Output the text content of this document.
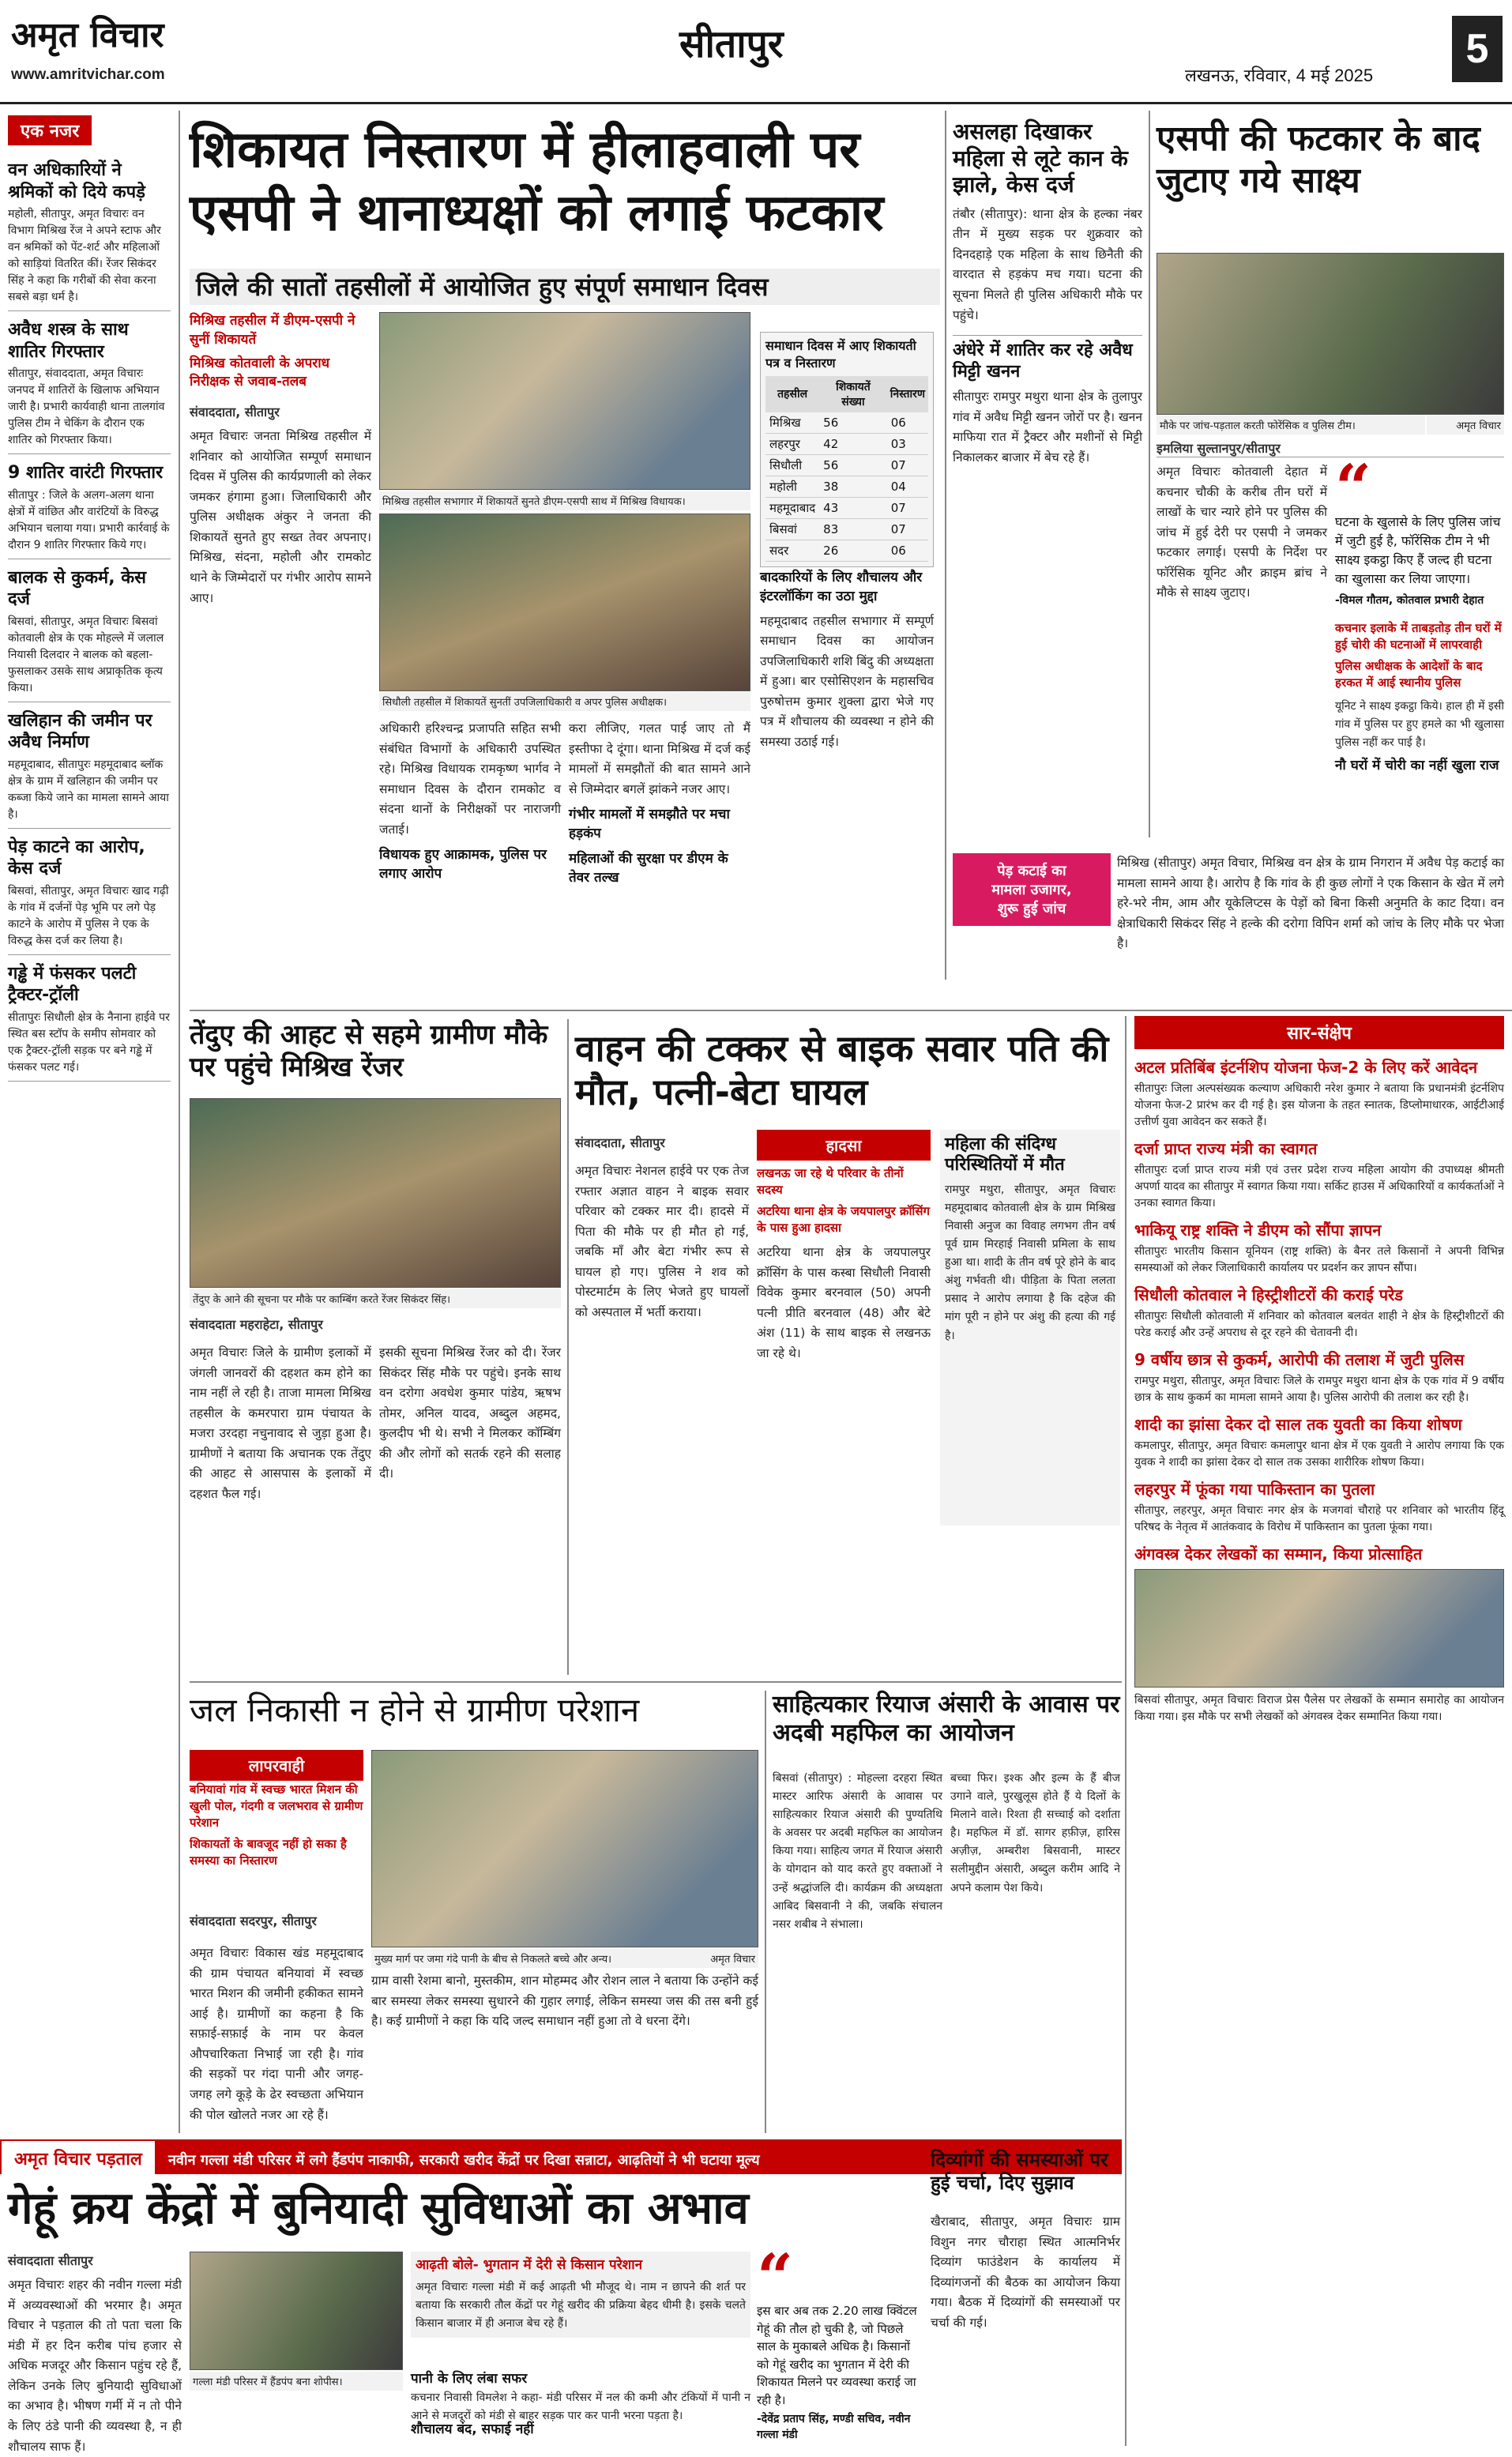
अमृत विचार
www.amritvichar.com
सीतापुर
लखनऊ, रविवार, 4 मई 2025
5
एक नजर
वन अधिकारियों ने श्रमिकों को दिये कपड़े

महोली, सीतापुर, अमृत विचारः वन विभाग मिश्रिख रेंज ने अपने स्टाफ और वन श्रमिकों को पेंट-शर्ट और महिलाओं को साड़ियां वितरित कीं। रेंजर सिकंदर सिंह ने कहा कि गरीबों की सेवा करना सबसे बड़ा धर्म है।

अवैध शस्त्र के साथ शातिर गिरफ्तार

सीतापुर, संवाददाता, अमृत विचारः जनपद में शातिरों के खिलाफ अभियान जारी है। प्रभारी कार्यवाही थाना तालगांव पुलिस टीम ने चेकिंग के दौरान एक शातिर को गिरफ्तार किया।

9 शातिर वारंटी गिरफ्तार

सीतापुर : जिले के अलग-अलग थाना क्षेत्रों में वांछित और वारंटियों के विरुद्ध अभियान चलाया गया। प्रभारी कार्रवाई के दौरान 9 शातिर गिरफ्तार किये गए।

बालक से कुकर्म, केस दर्ज

बिसवां, सीतापुर, अमृत विचारः बिसवां कोतवाली क्षेत्र के एक मोहल्ले में जलाल नियासी दिलदार ने बालक को बहला-फुसलाकर उसके साथ अप्राकृतिक कृत्य किया।

खलिहान की जमीन पर अवैध निर्माण

महमूदाबाद, सीतापुरः महमूदाबाद ब्लॉक क्षेत्र के ग्राम में खलिहान की जमीन पर कब्जा किये जाने का मामला सामने आया है।

पेड़ काटने का आरोप, केस दर्ज

बिसवां, सीतापुर, अमृत विचारः खाद गढ़ी के गांव में दर्जनों पेड़ भूमि पर लगे पेड़ काटने के आरोप में पुलिस ने एक के विरुद्ध केस दर्ज कर लिया है।

गड्ढे में फंसकर पलटी ट्रैक्टर-ट्रॉली

सीतापुरः सिधौली क्षेत्र के नैनाना हाईवे पर स्थित बस स्टॉप के समीप सोमवार को एक ट्रैक्टर-ट्रॉली सड़क पर बने गड्ढे में फंसकर पलट गई।

शिकायत निस्तारण में हीलाहवाली पर एसपी ने थानाध्यक्षों को लगाई फटकार
जिले की सातों तहसीलों में आयोजित हुए संपूर्ण समाधान दिवस
मिश्रिख तहसील में डीएम-एसपी ने सुनीं शिकायतें
मिश्रिख कोतवाली के अपराध निरीक्षक से जवाब-तलब
संवाददाता, सीतापुर
मिश्रिख तहसील सभागार में शिकायतें सुनते डीएम-एसपी साथ में मिश्रिख विधायक।
सिधौली तहसील में शिकायतें सुनतीं उपजिलाधिकारी व अपर पुलिस अधीक्षक।
अमृत विचारः जनता मिश्रिख तहसील में शनिवार को आयोजित सम्पूर्ण समाधान दिवस में पुलिस की कार्यप्रणाली को लेकर जमकर हंगामा हुआ। जिलाधिकारी और पुलिस अधीक्षक अंकुर ने जनता की शिकायतें सुनते हुए सख्त तेवर अपनाए। मिश्रिख, संदना, महोली और रामकोट थाने के जिम्मेदारों पर गंभीर आरोप सामने आए।
अधिकारी हरिश्चन्द्र प्रजापति सहित सभी संबंधित विभागों के अधिकारी उपस्थित रहे। मिश्रिख विधायक रामकृष्ण भार्गव ने समाधान दिवस के दौरान रामकोट व संदना थानों के निरीक्षकों पर नाराजगी जताई।
विधायक हुए आक्रामक, पुलिस पर लगाए आरोप
करा लीजिए, गलत पाई जाए तो मैं इस्तीफा दे दूंगा। थाना मिश्रिख में दर्ज कई मामलों में समझौतों की बात सामने आने से जिम्मेदार बगलें झांकने नजर आए।
गंभीर मामलों में समझौते पर मचा हड़कंप
महिलाओं की सुरक्षा पर डीएम के तेवर तल्ख
समाधान दिवस में आए शिकायती पत्र व निस्तारण
तहसील	शिकायतें संख्या	निस्तारण
मिश्रिख	56	06
लहरपुर	42	03
सिधौली	56	07
महोली	38	04
महमूदाबाद	43	07
बिसवां	83	07
सदर	26	06
बादकारियों के लिए शौचालय और इंटरलॉकिंग का उठा मुद्दा
महमूदाबाद तहसील सभागार में सम्पूर्ण समाधान दिवस का आयोजन उपजिलाधिकारी शशि बिंदु की अध्यक्षता में हुआ। बार एसोसिएशन के महासचिव पुरुषोत्तम कुमार शुक्ला द्वारा भेजे गए पत्र में शौचालय की व्यवस्था न होने की समस्या उठाई गई।
असलहा दिखाकर महिला से लूटे कान के झाले, केस दर्ज
तंबौर (सीतापुर): थाना क्षेत्र के हल्का नंबर तीन में मुख्य सड़क पर शुक्रवार को दिनदहाड़े एक महिला के साथ छिनैती की वारदात से हड़कंप मच गया। घटना की सूचना मिलते ही पुलिस अधिकारी मौके पर पहुंचे।
अंधेरे में शातिर कर रहे अवैध मिट्टी खनन
सीतापुरः रामपुर मथुरा थाना क्षेत्र के तुलापुर गांव में अवैध मिट्टी खनन जोरों पर है। खनन माफिया रात में ट्रैक्टर और मशीनों से मिट्टी निकालकर बाजार में बेच रहे हैं।
एसपी की फटकार के बाद जुटाए गये साक्ष्य
मौके पर जांच-पड़ताल करती फोरेंसिक व पुलिस टीम।	अमृत विचार
इमलिया सुल्तानपुर/सीतापुर
अमृत विचारः कोतवाली देहात में कचनार चौकी के करीब तीन घरों में लाखों के चार न्यारे होने पर पुलिस की जांच में हुई देरी पर एसपी ने जमकर फटकार लगाई। एसपी के निर्देश पर फॉरेंसिक यूनिट और क्राइम ब्रांच ने मौके से साक्ष्य जुटाए।
“
घटना के खुलासे के लिए पुलिस जांच में जुटी हुई है, फॉरेंसिक टीम ने भी साक्ष्य इकट्ठा किए हैं जल्द ही घटना का खुलासा कर लिया जाएगा।
-विमल गौतम, कोतवाल प्रभारी देहात
कचनार इलाके में ताबड़तोड़ तीन घरों में हुई चोरी की घटनाओं में लापरवाही
पुलिस अधीक्षक के आदेशों के बाद हरकत में आई स्थानीय पुलिस
यूनिट ने साक्ष्य इकट्ठा किये। हाल ही में इसी गांव में पुलिस पर हुए हमले का भी खुलासा पुलिस नहीं कर पाई है।
नौ घरों में चोरी का नहीं खुला राज
पेड़ कटाई का
मामला उजागर,
शुरू हुई जांच
मिश्रिख (सीतापुर) अमृत विचार, मिश्रिख वन क्षेत्र के ग्राम निगरान में अवैध पेड़ कटाई का मामला सामने आया है। आरोप है कि गांव के ही कुछ लोगों ने एक किसान के खेत में लगे हरे-भरे नीम, आम और यूकेलिप्टस के पेड़ों को बिना किसी अनुमति के काट दिया। वन क्षेत्राधिकारी सिकंदर सिंह ने हल्के की दरोगा विपिन शर्मा को जांच के लिए मौके पर भेजा है।
तेंदुए की आहट से सहमे ग्रामीण मौके पर पहुंचे मिश्रिख रेंजर
तेंदुए के आने की सूचना पर मौके पर काम्बिंग करते रेंजर सिकंदर सिंह।
संवाददाता महराहेटा, सीतापुर
अमृत विचारः जिले के ग्रामीण इलाकों में जंगली जानवरों की दहशत कम होने का नाम नहीं ले रही है। ताजा मामला मिश्रिख तहसील के कमरपारा ग्राम पंचायत के मजरा उरदहा नचुनावाद से जुड़ा हुआ है। ग्रामीणों ने बताया कि अचानक एक तेंदुए की आहट से आसपास के इलाकों में दहशत फैल गई।
इसकी सूचना मिश्रिख रेंजर को दी। रेंजर सिकंदर सिंह मौके पर पहुंचे। इनके साथ वन दरोगा अवधेश कुमार पांडेय, ऋषभ तोमर, अनिल यादव, अब्दुल अहमद, कुलदीप भी थे। सभी ने मिलकर कॉम्बिंग की और लोगों को सतर्क रहने की सलाह दी।
वाहन की टक्कर से बाइक सवार पति की मौत, पत्नी-बेटा घायल
संवाददाता, सीतापुर
अमृत विचारः नेशनल हाईवे पर एक तेज रफ्तार अज्ञात वाहन ने बाइक सवार परिवार को टक्कर मार दी। हादसे में पिता की मौके पर ही मौत हो गई, जबकि माँ और बेटा गंभीर रूप से घायल हो गए। पुलिस ने शव को पोस्टमार्टम के लिए भेजते हुए घायलों को अस्पताल में भर्ती कराया।
हादसा
लखनऊ जा रहे थे परिवार के तीनों सदस्य
अटरिया थाना क्षेत्र के जयपालपुर क्रॉसिंग के पास हुआ हादसा
अटरिया थाना क्षेत्र के जयपालपुर क्रॉसिंग के पास कस्बा सिधौली निवासी विवेक कुमार बरनवाल (50) अपनी पत्नी प्रीति बरनवाल (48) और बेटे अंश (11) के साथ बाइक से लखनऊ जा रहे थे।
महिला की संदिग्ध परिस्थितियों में मौत
रामपुर मथुरा, सीतापुर, अमृत विचारः महमूदाबाद कोतवाली क्षेत्र के ग्राम मिश्रिख निवासी अनुज का विवाह लगभग तीन वर्ष पूर्व ग्राम मिरहाई निवासी प्रमिला के साथ हुआ था। शादी के तीन वर्ष पूरे होने के बाद अंशु गर्भवती थी। पीड़िता के पिता ललता प्रसाद ने आरोप लगाया है कि दहेज की मांग पूरी न होने पर अंशु की हत्या की गई है।
सार-संक्षेप
अटल प्रतिबिंब इंटर्नशिप योजना फेज-2 के लिए करें आवेदन

सीतापुरः जिला अल्पसंख्यक कल्याण अधिकारी नरेश कुमार ने बताया कि प्रधानमंत्री इंटर्नशिप योजना फेज-2 प्रारंभ कर दी गई है। इस योजना के तहत स्नातक, डिप्लोमाधारक, आईटीआई उत्तीर्ण युवा आवेदन कर सकते हैं।

दर्जा प्राप्त राज्य मंत्री का स्वागत

सीतापुरः दर्जा प्राप्त राज्य मंत्री एवं उत्तर प्रदेश राज्य महिला आयोग की उपाध्यक्ष श्रीमती अपर्णा यादव का सीतापुर में स्वागत किया गया। सर्किट हाउस में अधिकारियों व कार्यकर्ताओं ने उनका स्वागत किया।

भाकियू राष्ट्र शक्ति ने डीएम को सौंपा ज्ञापन

सीतापुरः भारतीय किसान यूनियन (राष्ट्र शक्ति) के बैनर तले किसानों ने अपनी विभिन्न समस्याओं को लेकर जिलाधिकारी कार्यालय पर प्रदर्शन कर ज्ञापन सौंपा।

सिधौली कोतवाल ने हिस्ट्रीशीटरों की कराई परेड

सीतापुरः सिधौली कोतवाली में शनिवार को कोतवाल बलवंत शाही ने क्षेत्र के हिस्ट्रीशीटरों की परेड कराई और उन्हें अपराध से दूर रहने की चेतावनी दी।

9 वर्षीय छात्र से कुकर्म, आरोपी की तलाश में जुटी पुलिस

रामपुर मथुरा, सीतापुर, अमृत विचारः जिले के रामपुर मथुरा थाना क्षेत्र के एक गांव में 9 वर्षीय छात्र के साथ कुकर्म का मामला सामने आया है। पुलिस आरोपी की तलाश कर रही है।

शादी का झांसा देकर दो साल तक युवती का किया शोषण

कमलापुर, सीतापुर, अमृत विचारः कमलापुर थाना क्षेत्र में एक युवती ने आरोप लगाया कि एक युवक ने शादी का झांसा देकर दो साल तक उसका शारीरिक शोषण किया।

लहरपुर में फूंका गया पाकिस्तान का पुतला

सीतापुर, लहरपुर, अमृत विचारः नगर क्षेत्र के मजगवां चौराहे पर शनिवार को भारतीय हिंदू परिषद के नेतृत्व में आतंकवाद के विरोध में पाकिस्तान का पुतला फूंका गया।

अंगवस्त्र देकर लेखकों का सम्मान, किया प्रोत्साहित

बिसवां सीतापुर, अमृत विचारः विराज प्रेस पैलेस पर लेखकों के सम्मान समारोह का आयोजन किया गया। इस मौके पर सभी लेखकों को अंगवस्त्र देकर सम्मानित किया गया।

जल निकासी न होने से ग्रामीण परेशान
लापरवाही
बनियावां गांव में स्वच्छ भारत मिशन की खुली पोल, गंदगी व जलभराव से ग्रामीण परेशान
शिकायतों के बावजूद नहीं हो सका है समस्या का निस्तारण
मुख्य मार्ग पर जमा गंदे पानी के बीच से निकलते बच्चे और अन्य।	अमृत विचार
संवाददाता सदरपुर, सीतापुर
अमृत विचारः विकास खंड महमूदाबाद की ग्राम पंचायत बनियावां में स्वच्छ भारत मिशन की जमीनी हकीकत सामने आई है। ग्रामीणों का कहना है कि सफ़ाई-सफ़ाई के नाम पर केवल औपचारिकता निभाई जा रही है। गांव की सड़कों पर गंदा पानी और जगह-जगह लगे कूड़े के ढेर स्वच्छता अभियान की पोल खोलते नजर आ रहे हैं।
ग्राम वासी रेशमा बानो, मुस्तकीम, शान मोहम्मद और रोशन लाल ने बताया कि उन्होंने कई बार समस्या लेकर समस्या सुधारने की गुहार लगाई, लेकिन समस्या जस की तस बनी हुई है। कई ग्रामीणों ने कहा कि यदि जल्द समाधान नहीं हुआ तो वे धरना देंगे।
साहित्यकार रियाज अंसारी के आवास पर अदबी महफिल का आयोजन
बिसवां (सीतापुर) : मोहल्ला दरहरा स्थित मास्टर आरिफ अंसारी के आवास पर साहित्यकार रियाज अंसारी की पुण्यतिथि के अवसर पर अदबी महफिल का आयोजन किया गया। साहित्य जगत में रियाज अंसारी के योगदान को याद करते हुए वक्ताओं ने उन्हें श्रद्धांजलि दी। कार्यक्रम की अध्यक्षता आबिद बिसवानी ने की, जबकि संचालन नसर शबीब ने संभाला।
बच्चा फिर। इश्क और इल्म के हैं बीज उगाने वाले, पुरखुलूस होते हैं ये दिलों के मिलाने वाले। रिश्ता ही सच्चाई को दर्शाता है। महफिल में डॉ. सागर हफ़ीज़, हारिस अज़ीज़, अम्बरीश बिसवानी, मास्टर सलीमुद्दीन अंसारी, अब्दुल करीम आदि ने अपने कलाम पेश किये।
अमृत विचार पड़ताल नवीन गल्ला मंडी परिसर में लगे हैंडपंप नाकाफी, सरकारी खरीद केंद्रों पर दिखा सन्नाटा, आढ़तियों ने भी घटाया मूल्य
गेहूं क्रय केंद्रों में बुनियादी सुविधाओं का अभाव
संवाददाता सीतापुर
अमृत विचारः शहर की नवीन गल्ला मंडी में अव्यवस्थाओं की भरमार है। अमृत विचार ने पड़ताल की तो पता चला कि मंडी में हर दिन करीब पांच हजार से अधिक मजदूर और किसान पहुंच रहे हैं, लेकिन उनके लिए बुनियादी सुविधाओं का अभाव है। भीषण गर्मी में न तो पीने के लिए ठंडे पानी की व्यवस्था है, न ही शौचालय साफ हैं।
गल्ला मंडी परिसर में हैंडपंप बना शोपीस।
आढ़ती बोले- भुगतान में देरी से किसान परेशान
अमृत विचारः गल्ला मंडी में कई आढ़ती भी मौजूद थे। नाम न छापने की शर्त पर बताया कि सरकारी तौल केंद्रों पर गेहूं खरीद की प्रक्रिया बेहद धीमी है। इसके चलते किसान बाजार में ही अनाज बेच रहे हैं।
पानी के लिए लंबा सफर
कचनार निवासी विमलेश ने कहा- मंडी परिसर में नल की कमी और टंकियों में पानी न आने से मजदूरों को मंडी से बाहर सड़क पार कर पानी भरना पड़ता है।
शौचालय बंद, सफाई नहीं
“
इस बार अब तक 2.20 लाख क्विंटल गेहूं की तौल हो चुकी है, जो पिछले साल के मुकाबले अधिक है। किसानों को गेहूं खरीद का भुगतान में देरी की शिकायत मिलने पर व्यवस्था कराई जा रही है।
-देवेंद्र प्रताप सिंह, मण्डी सचिव, नवीन गल्ला मंडी
दिव्यांगों की समस्याओं पर हुई चर्चा, दिए सुझाव
खैराबाद, सीतापुर, अमृत विचारः ग्राम विशुन नगर चौराहा स्थित आत्मनिर्भर दिव्यांग फाउंडेशन के कार्यालय में दिव्यांगजनों की बैठक का आयोजन किया गया। बैठक में दिव्यांगों की समस्याओं पर चर्चा की गई।
